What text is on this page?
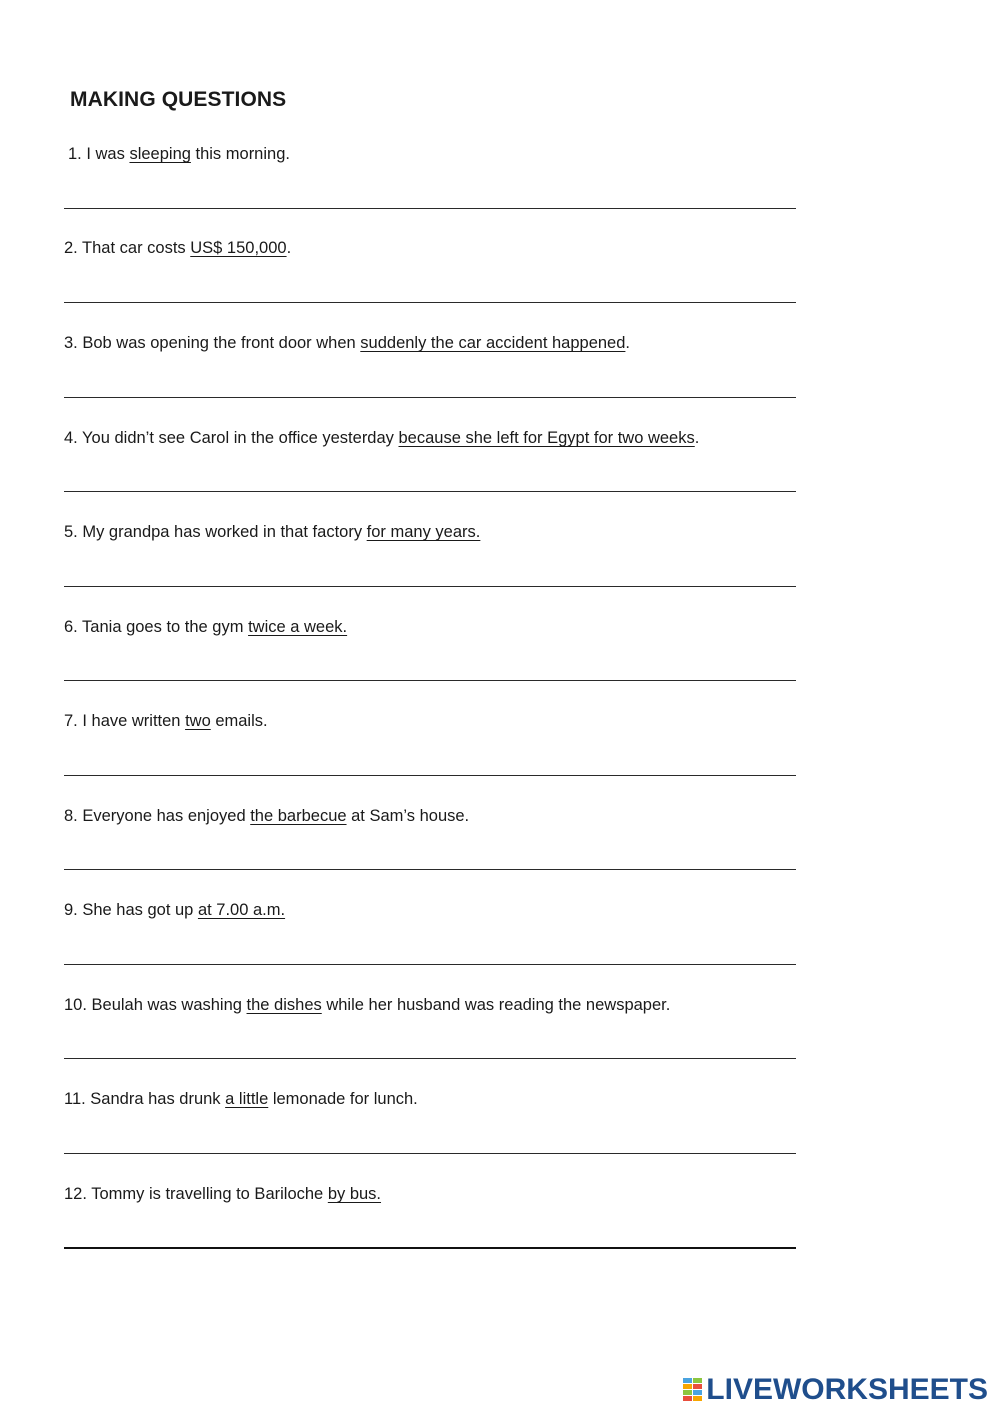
MAKING QUESTIONS
1. I was sleeping this morning.
2. That car costs US$ 150,000.
3. Bob was opening the front door when suddenly the car accident happened.
4. You didn’t see Carol in the office yesterday because she left for Egypt for two weeks.
5. My grandpa has worked in that factory for many years.
6. Tania goes to the gym twice a week.
7. I have written two emails.
8. Everyone has enjoyed the barbecue at Sam’s house.
9. She has got up at 7.00 a.m.
10. Beulah was washing the dishes while her husband was reading the newspaper.
11. Sandra has drunk a little lemonade for lunch.
12. Tommy is travelling to Bariloche by bus.
LIVEWORKSHEETS
